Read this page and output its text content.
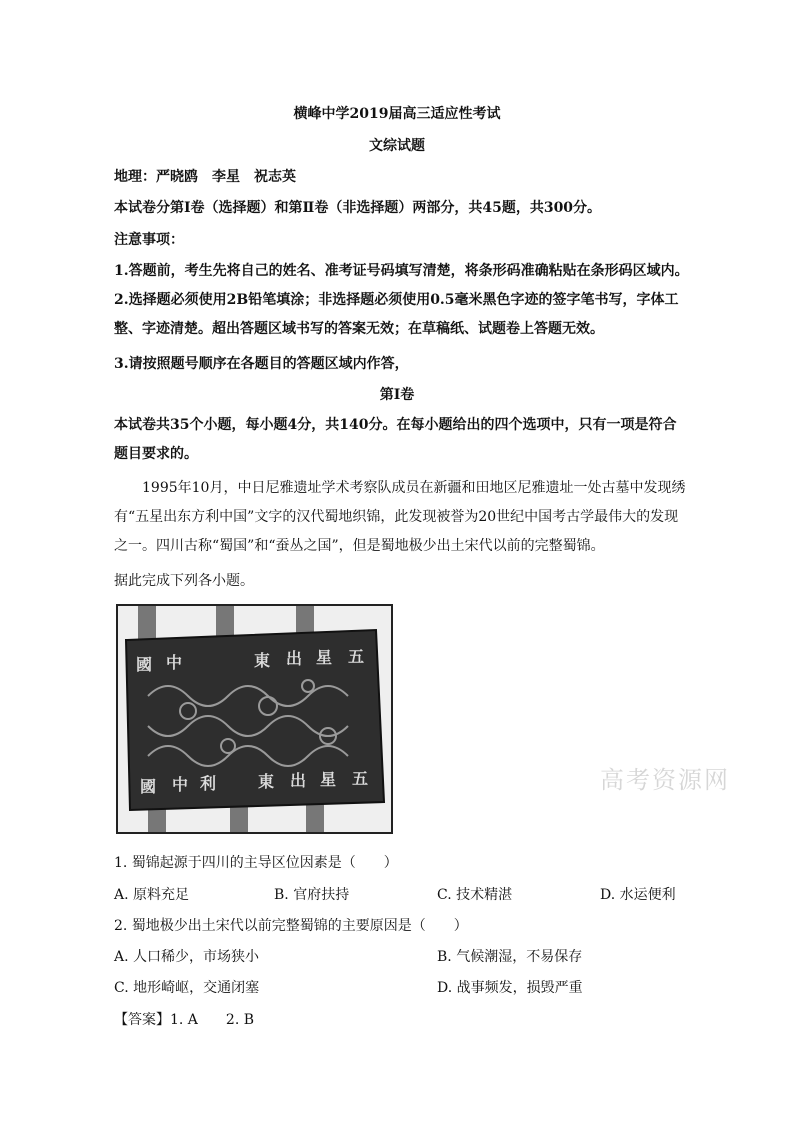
横峰中学2019届高三适应性考试
文综试题
地理：严晓鸥　李星　祝志英
本试卷分第Ⅰ卷（选择题）和第Ⅱ卷（非选择题）两部分，共45题，共300分。
注意事项：
1.答题前，考生先将自己的姓名、准考证号码填写清楚，将条形码准确粘贴在条形码区域内。
2.选择题必须使用2B铅笔填涂；非选择题必须使用0.5毫米黑色字迹的签字笔书写，字体工整、字迹清楚。超出答题区域书写的答案无效；在草稿纸、试题卷上答题无效。
3.请按照题号顺序在各题目的答题区域内作答，
第Ⅰ卷
本试卷共35个小题，每小题4分，共140分。在每小题给出的四个选项中，只有一项是符合题目要求的。
1995年10月，中日尼雅遗址学术考察队成员在新疆和田地区尼雅遗址一处古墓中发现绣有“五星出东方利中国”文字的汉代蜀地织锦，此发现被誉为20世纪中国考古学最伟大的发现之一。四川古称“蜀国”和“蚕丛之国”，但是蜀地极少出土宋代以前的完整蜀锦。
据此完成下列各小题。
國 中	東 出 星 五
國 中 利	東 出 星 五	高考资源网
1. 蜀锦起源于四川的主导区位因素是（　　）
A. 原料充足	B. 官府扶持	C. 技术精湛	D. 水运便利
2. 蜀地极少出土宋代以前完整蜀锦的主要原因是（　　）
A. 人口稀少，市场狭小	B. 气候潮湿，不易保存
C. 地形崎岖，交通闭塞	D. 战事频发，损毁严重
【答案】1. A　　2. B
